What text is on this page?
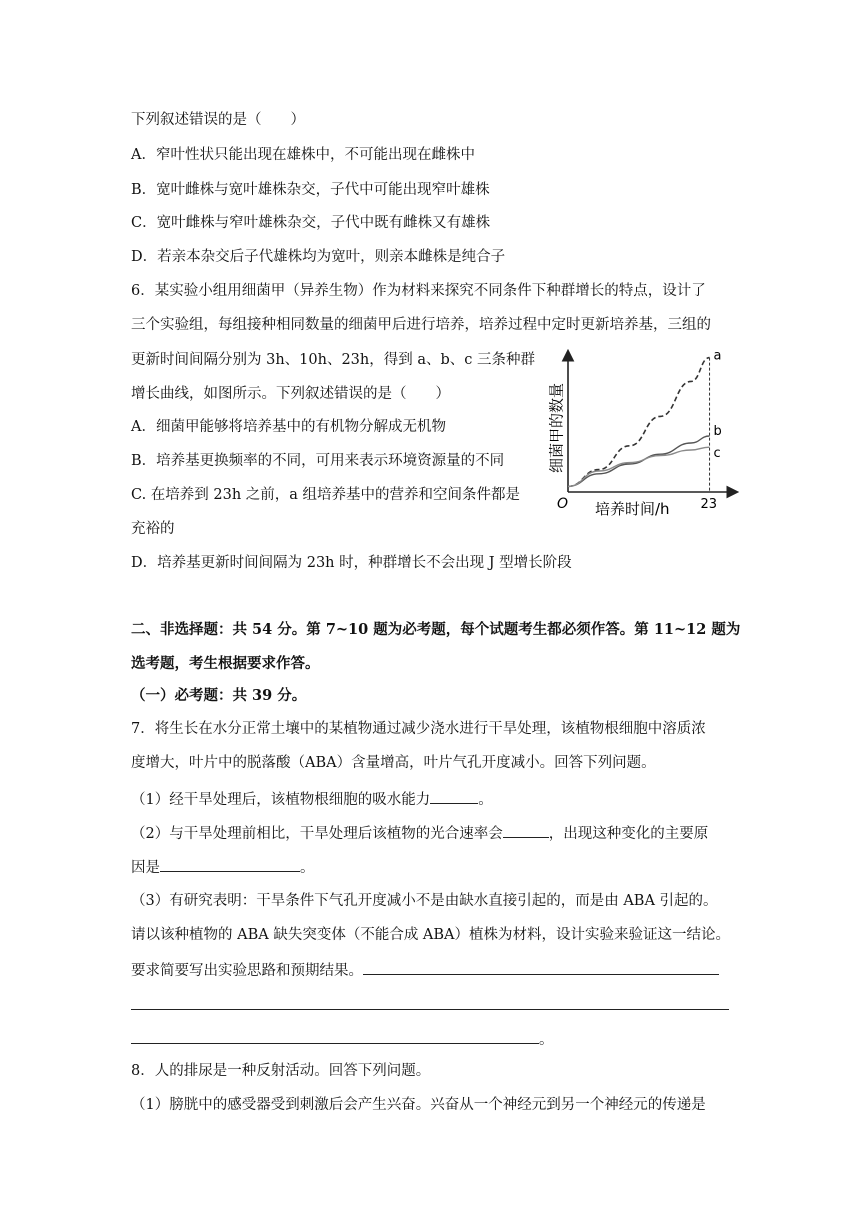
下列叙述错误的是（　　）
A．窄叶性状只能出现在雄株中，不可能出现在雌株中
B．宽叶雌株与宽叶雄株杂交，子代中可能出现窄叶雄株
C．宽叶雌株与窄叶雄株杂交，子代中既有雌株又有雄株
D．若亲本杂交后子代雄株均为宽叶，则亲本雌株是纯合子
6．某实验小组用细菌甲（异养生物）作为材料来探究不同条件下种群增长的特点，设计了
三个实验组，每组接种相同数量的细菌甲后进行培养，培养过程中定时更新培养基，三组的
更新时间间隔分别为 3h、10h、23h，得到 a、b、c 三条种群
增长曲线，如图所示。下列叙述错误的是（　　）
A．细菌甲能够将培养基中的有机物分解成无机物
B．培养基更换频率的不同，可用来表示环境资源量的不同
C. 在培养到 23h 之前，a 组培养基中的营养和空间条件都是
充裕的
D．培养基更新时间间隔为 23h 时，种群增长不会出现 J 型增长阶段
O 培养时间/h 23
细菌甲的数量
a
b
c
二、非选择题：共 54 分。第 7~10 题为必考题，每个试题考生都必须作答。第 11~12 题为
选考题，考生根据要求作答。
（一）必考题：共 39 分。
7．将生长在水分正常土壤中的某植物通过减少浇水进行干旱处理，该植物根细胞中溶质浓
度增大，叶片中的脱落酸（ABA）含量增高，叶片气孔开度减小。回答下列问题。
（1）经干旱处理后，该植物根细胞的吸水能力	。
（2）与干旱处理前相比，干旱处理后该植物的光合速率会	，出现这种变化的主要原
因是	。
（3）有研究表明：干旱条件下气孔开度减小不是由缺水直接引起的，而是由 ABA 引起的。
请以该种植物的 ABA 缺失突变体（不能合成 ABA）植株为材料，设计实验来验证这一结论。
要求简要写出实验思路和预期结果。
。
8．人的排尿是一种反射活动。回答下列问题。
（1）膀胱中的感受器受到刺激后会产生兴奋。兴奋从一个神经元到另一个神经元的传递是
